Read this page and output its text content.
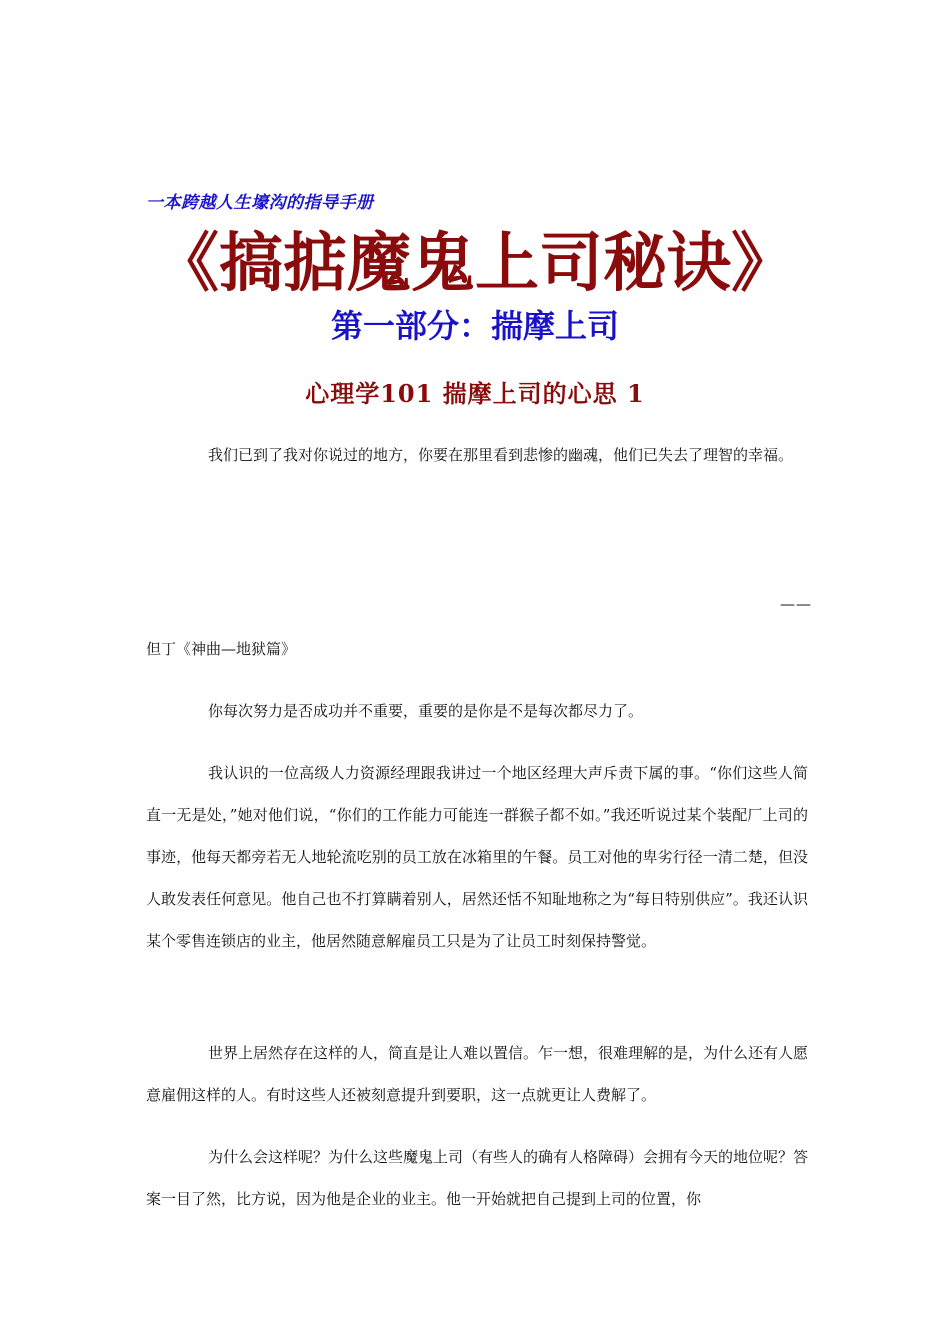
一本跨越人生壕沟的指导手册
《搞掂魔鬼上司秘诀》
第一部分：揣摩上司
心理学101 揣摩上司的心思 1

我们已到了我对你说过的地方，你要在那里看到悲惨的幽魂，他们已失去了理智的幸福。

——

但丁《神曲—地狱篇》

你每次努力是否成功并不重要，重要的是你是不是每次都尽力了。

我认识的一位高级人力资源经理跟我讲过一个地区经理大声斥责下属的事。“你们这些人简直一无是处，”她对他们说，“你们的工作能力可能连一群猴子都不如。”我还听说过某个装配厂上司的事迹，他每天都旁若无人地轮流吃别的员工放在冰箱里的午餐。员工对他的卑劣行径一清二楚，但没人敢发表任何意见。他自己也不打算瞒着别人，居然还恬不知耻地称之为“每日特别供应”。我还认识某个零售连锁店的业主，他居然随意解雇员工只是为了让员工时刻保持警觉。

世界上居然存在这样的人，简直是让人难以置信。乍一想，很难理解的是，为什么还有人愿意雇佣这样的人。有时这些人还被刻意提升到要职，这一点就更让人费解了。

为什么会这样呢？为什么这些魔鬼上司（有些人的确有人格障碍）会拥有今天的地位呢？答案一目了然，比方说，因为他是企业的业主。他一开始就把自己提到上司的位置，你
